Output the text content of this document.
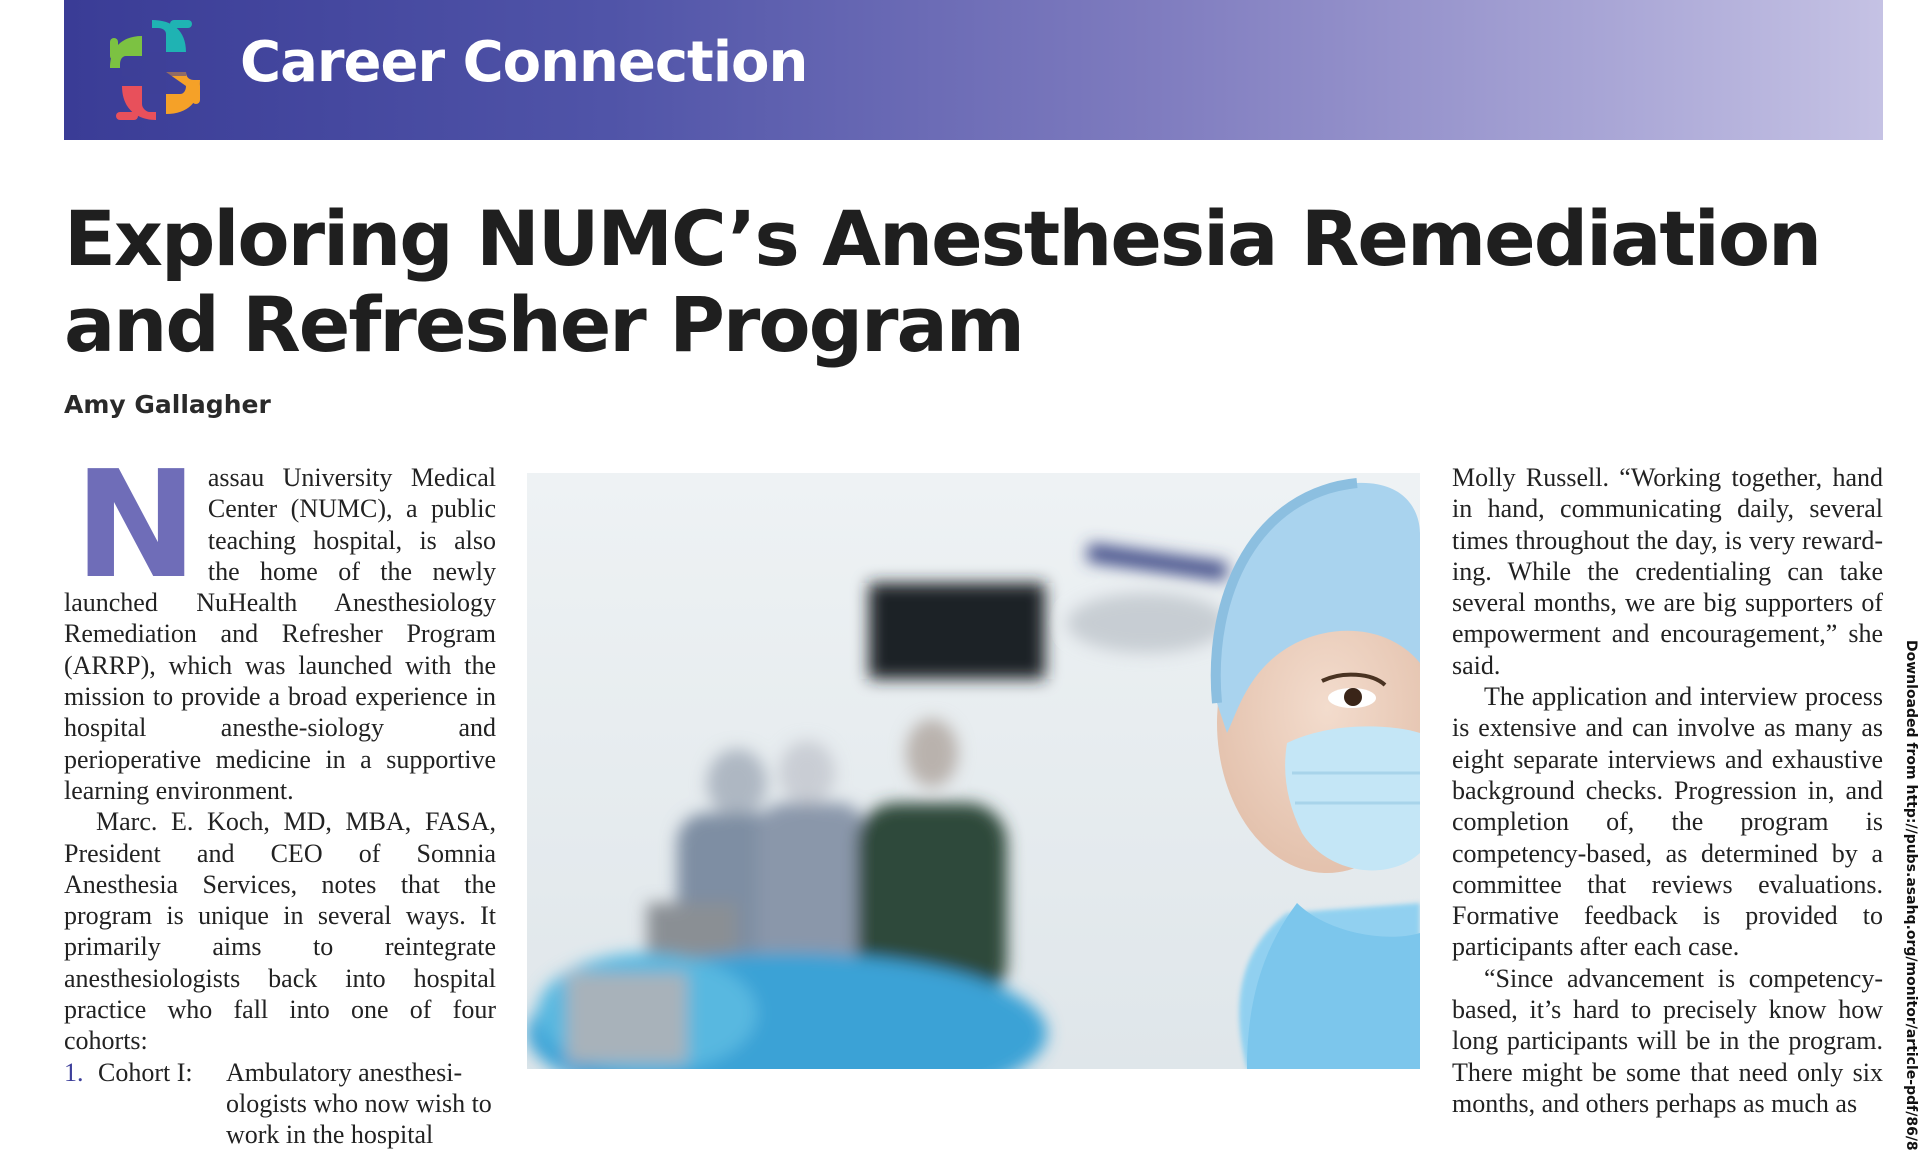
Career Connection
Exploring NUMC’s Anesthesia Remediation and Refresher Program
Amy Gallagher

Nassau University Medical Center (NUMC), a public teaching hospital, is also the home of the newly launched NuHealth Anesthesiology Remediation and Refresher Program (ARRP), which was launched with the mission to provide a broad experience in hospital anesthe-siology and perioperative medicine in a supportive learning environment.

Marc. E. Koch, MD, MBA, FASA, President and CEO of Somnia Anesthesia Services, notes that the program is unique in several ways. It primarily aims to reintegrate anesthesiologists back into hospital practice who fall into one of four cohorts:

1. Cohort I: Ambulatory anesthesi-ologists who now wish to work in the hospital

Molly Russell. “Working together, hand in hand, communicating daily, several times throughout the day, is very reward-ing. While the credentialing can take several months, we are big supporters of empowerment and encouragement,” she said.

The application and interview process is extensive and can involve as many as eight separate interviews and exhaustive background checks. Progression in, and completion of, the program is competency-based, as determined by a committee that reviews evaluations. Formative feedback is provided to participants after each case.

“Since advancement is competency-based, it’s hard to precisely know how long participants will be in the program. There might be some that need only six months, and others perhaps as much as	Downloaded from http://pubs.asahq.org/monitor/article-pdf/86/8
